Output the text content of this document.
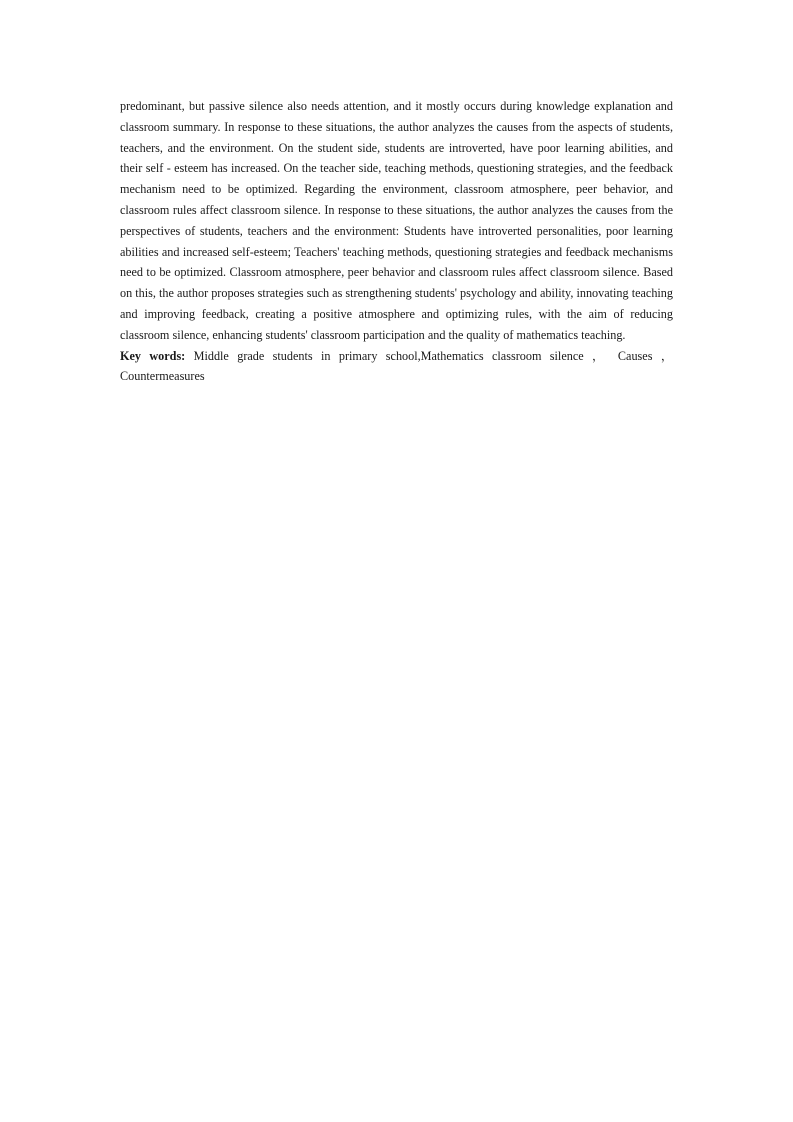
predominant, but passive silence also needs attention, and it mostly occurs during knowledge explanation and classroom summary. In response to these situations, the author analyzes the causes from the aspects of students, teachers, and the environment. On the student side, students are introverted, have poor learning abilities, and their self - esteem has increased. On the teacher side, teaching methods, questioning strategies, and the feedback mechanism need to be optimized. Regarding the environment, classroom atmosphere, peer behavior, and classroom rules affect classroom silence. In response to these situations, the author analyzes the causes from the perspectives of students, teachers and the environment: Students have introverted personalities, poor learning abilities and increased self-esteem; Teachers' teaching methods, questioning strategies and feedback mechanisms need to be optimized. Classroom atmosphere, peer behavior and classroom rules affect classroom silence. Based on this, the author proposes strategies such as strengthening students' psychology and ability, innovating teaching and improving feedback, creating a positive atmosphere and optimizing rules, with the aim of reducing classroom silence, enhancing students' classroom participation and the quality of mathematics teaching.

Key words: Middle grade students in primary school,Mathematics classroom silence ， Causes ，Countermeasures
